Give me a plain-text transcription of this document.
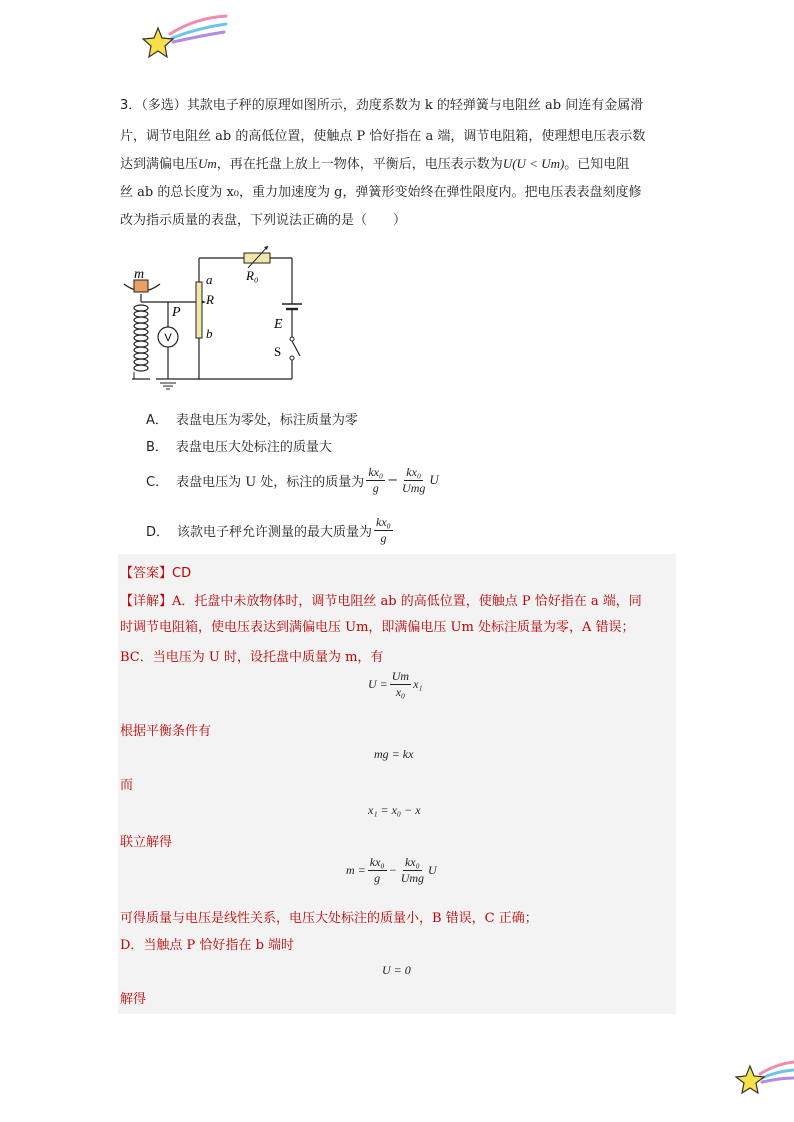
3．（多选）其款电子秤的原理如图所示，劲度系数为 k 的轻弹簧与电阻丝 ab 间连有金属滑
片，调节电阻丝 ab 的高低位置，使触点 P 恰好指在 a 端，调节电阻箱，使理想电压表示数
达到满偏电压Um，再在托盘上放上一物体，平衡后，电压表示数为U(U < Um)。已知电阻
丝 ab 的总长度为 x₀，重力加速度为 g，弹簧形变始终在弹性限度内。把电压表表盘刻度修
改为指示质量的表盘，下列说法正确的是（　　）
V
m
P
a
R
b
R₀
E
S
A． 表盘电压为零处，标注质量为零
B． 表盘电压大处标注的质量大
C． 表盘电压为 U 处，标注的质量为 $\frac{\text{kx₀}}{g} - \frac{\text{kx₀}}{\text{Umg}}$ U
D． 该款电子秤允许测量的最大质量为 $\frac{\text{kx₀}}{g}$
【答案】CD
【详解】A．托盘中未放物体时，调节电阻丝 ab 的高低位置，使触点 P 恰好指在 a 端，同
时调节电阻箱，使电压表达到满偏电压 Um，即满偏电压 Um 处标注质量为零，A 错误；
BC．当电压为 U 时，设托盘中质量为 m，有
$U = \frac{Um}{\text{x₀}} x_1$
根据平衡条件有
mg = kx
而
x₁ = x₀ − x
联立解得
$m = \frac{\text{kx₀}}{g} - \frac{\text{kx₀}}{\text{Umg}}$ U
可得质量与电压是线性关系，电压大处标注的质量小，B 错误，C 正确；
D．当触点 P 恰好指在 b 端时
U = 0
解得
